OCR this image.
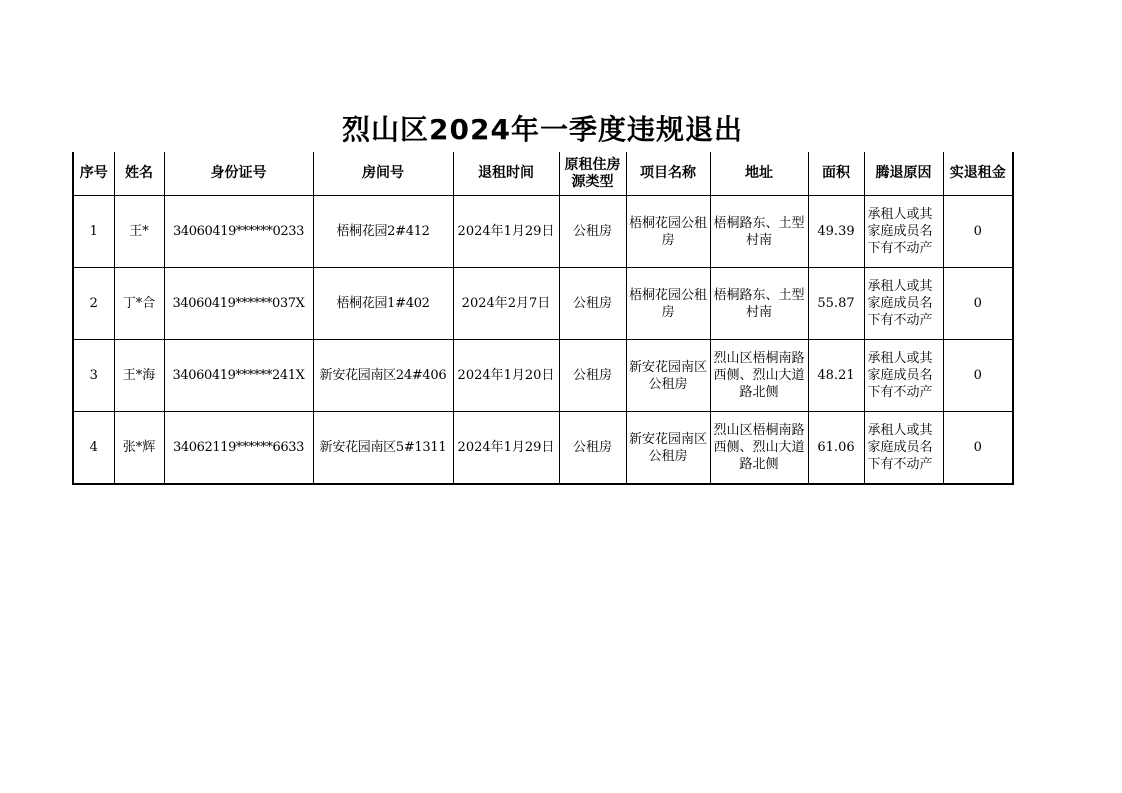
烈山区2024年一季度违规退出
序号	姓名	身份证号	房间号	退租时间	原租住房源类型	项目名称	地址	面积	腾退原因	实退租金
1	王*	34060419******0233	梧桐花园2#412	2024年1月29日	公租房	梧桐花园公租房	梧桐路东、土型村南	49.39	承租人或其家庭成员名下有不动产	0
2	丁*合	34060419******037X	梧桐花园1#402	2024年2月7日	公租房	梧桐花园公租房	梧桐路东、土型村南	55.87	承租人或其家庭成员名下有不动产	0
3	王*海	34060419******241X	新安花园南区24#406	2024年1月20日	公租房	新安花园南区公租房	烈山区梧桐南路西侧、烈山大道路北侧	48.21	承租人或其家庭成员名下有不动产	0
4	张*辉	34062119******6633	新安花园南区5#1311	2024年1月29日	公租房	新安花园南区公租房	烈山区梧桐南路西侧、烈山大道路北侧	61.06	承租人或其家庭成员名下有不动产	0
